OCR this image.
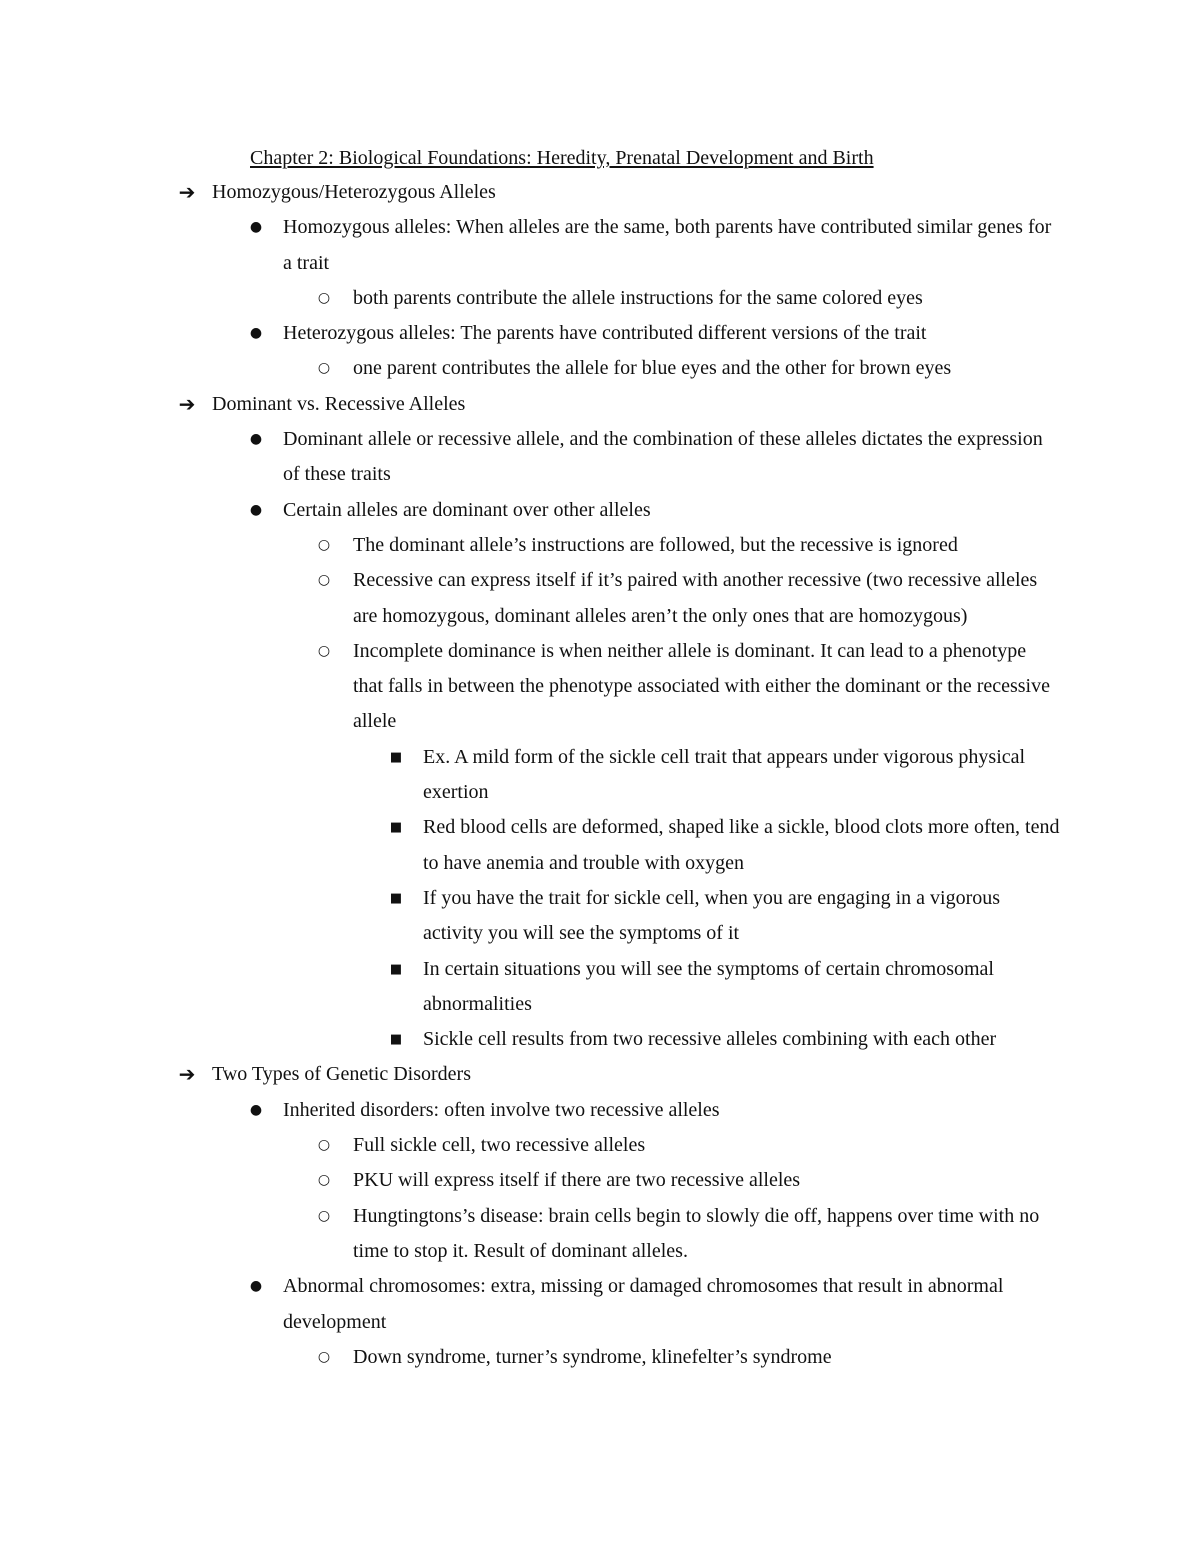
Chapter 2: Biological Foundations: Heredity, Prenatal Development and Birth
➔ Homozygous/Heterozygous Alleles
● Homozygous alleles: When alleles are the same, both parents have contributed similar genes for a trait
○ both parents contribute the allele instructions for the same colored eyes
● Heterozygous alleles: The parents have contributed different versions of the trait
○ one parent contributes the allele for blue eyes and the other for brown eyes
➔ Dominant vs. Recessive Alleles
● Dominant allele or recessive allele, and the combination of these alleles dictates the expression of these traits
● Certain alleles are dominant over other alleles
○ The dominant allele’s instructions are followed, but the recessive is ignored
○ Recessive can express itself if it’s paired with another recessive (two recessive alleles are homozygous, dominant alleles aren’t the only ones that are homozygous)
○ Incomplete dominance is when neither allele is dominant. It can lead to a phenotype that falls in between the phenotype associated with either the dominant or the recessive allele
■ Ex. A mild form of the sickle cell trait that appears under vigorous physical exertion
■ Red blood cells are deformed, shaped like a sickle, blood clots more often, tend to have anemia and trouble with oxygen
■ If you have the trait for sickle cell, when you are engaging in a vigorous activity you will see the symptoms of it
■ In certain situations you will see the symptoms of certain chromosomal abnormalities
■ Sickle cell results from two recessive alleles combining with each other
➔ Two Types of Genetic Disorders
● Inherited disorders: often involve two recessive alleles
○ Full sickle cell, two recessive alleles
○ PKU will express itself if there are two recessive alleles
○ Hungtingtons’s disease: brain cells begin to slowly die off, happens over time with no time to stop it. Result of dominant alleles.
● Abnormal chromosomes: extra, missing or damaged chromosomes that result in abnormal development
○ Down syndrome, turner’s syndrome, klinefelter’s syndrome
